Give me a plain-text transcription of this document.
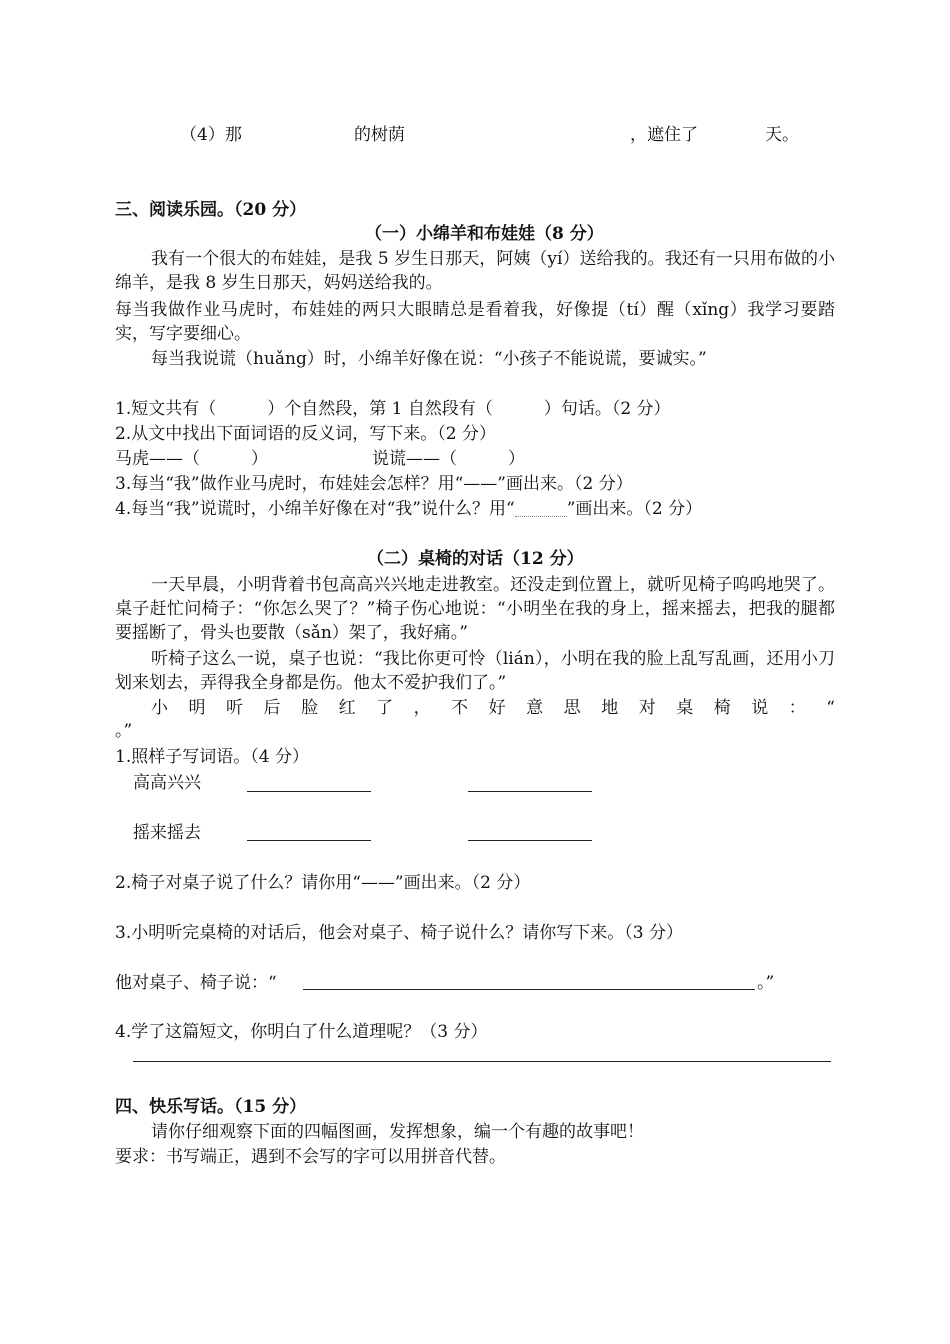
（4）那	的树荫	，遮住了	天。
三、阅读乐园。（20 分）
（一）小绵羊和布娃娃（8 分）
我有一个很大的布娃娃，是我 5 岁生日那天，阿姨（yí）送给我的。我还有一只用布做的小绵羊，是我 8 岁生日那天，妈妈送给我的。
每当我做作业马虎时，布娃娃的两只大眼睛总是看着我，好像提（tí）醒（xǐng）我学习要踏实，写字要细心。
每当我说谎（huǎng）时，小绵羊好像在说：“小孩子不能说谎，要诚实。”
1.短文共有（　　　）个自然段，第 1 自然段有（　　　）句话。（2 分）
2.从文中找出下面词语的反义词，写下来。（2 分）
马虎——（　　　）	说谎——（　　　）
3.每当“我”做作业马虎时，布娃娃会怎样？用“——”画出来。（2 分）
4.每当“我”说谎时，小绵羊好像在对“我”说什么？用“	”画出来。（2 分）
（二）桌椅的对话（12 分）
一天早晨，小明背着书包高高兴兴地走进教室。还没走到位置上，就听见椅子呜呜地哭了。桌子赶忙问椅子：“你怎么哭了？”椅子伤心地说：“小明坐在我的身上，摇来摇去，把我的腿都要摇断了，骨头也要散（sǎn）架了，我好痛。”
听椅子这么一说，桌子也说：“我比你更可怜（lián），小明在我的脸上乱写乱画，还用小刀划来划去，弄得我全身都是伤。他太不爱护我们了。”
小明听后脸红了，不好意思地对桌椅说：“
。”
1.照样子写词语。（4 分）
高高兴兴
摇来摇去
2.椅子对桌子说了什么？请你用“——”画出来。（2 分）
3.小明听完桌椅的对话后，他会对桌子、椅子说什么？请你写下来。（3 分）
他对桌子、椅子说：“	。”
4.学了这篇短文，你明白了什么道理呢？（3 分）
四、快乐写话。（15 分）
请你仔细观察下面的四幅图画，发挥想象，编一个有趣的故事吧！
要求：书写端正，遇到不会写的字可以用拼音代替。
